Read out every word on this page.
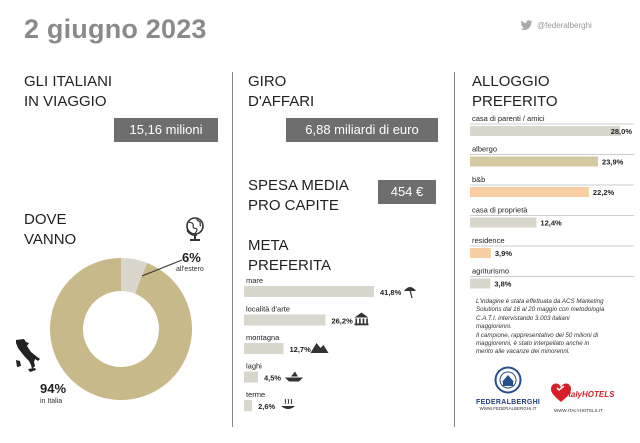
2 giugno 2023	@federalberghi
GLI ITALIANI
IN VIAGGIO
15,16 milioni
DOVE
VANNO
6%
all'estero
94%
in Italia
GIRO
D'AFFARI
6,88 miliardi di euro
SPESA MEDIA
PRO CAPITE
454 €
META
PREFERITA
mare
41,8%
località d'arte
26,2%
montagna
12,7%
laghi
4,5%
terme
2,6%
ALLOGGIO
PREFERITO
casa di parenti / amici
28,0%
albergo
23,9%
b&b
22,2%
casa di proprietà
12,4%
residence
3,9%
agriturismo
3,8%
L'indagine è stata effettuata da ACS Marketing
Solutions dal 16 al 20 maggio con metodologia
C.A.T.I. intervistando 3.003 italiani
maggiorenni.
Il campione, rappresentativo dei 50 milioni di
maggiorenni, è stato interpellato anche in
merito alle vacanze dei minorenni.
FEDERALBERGHI
WWW.FEDERALBERGHI.IT
ItalyHOTELS
WWW.ITALYHOTELS.IT
